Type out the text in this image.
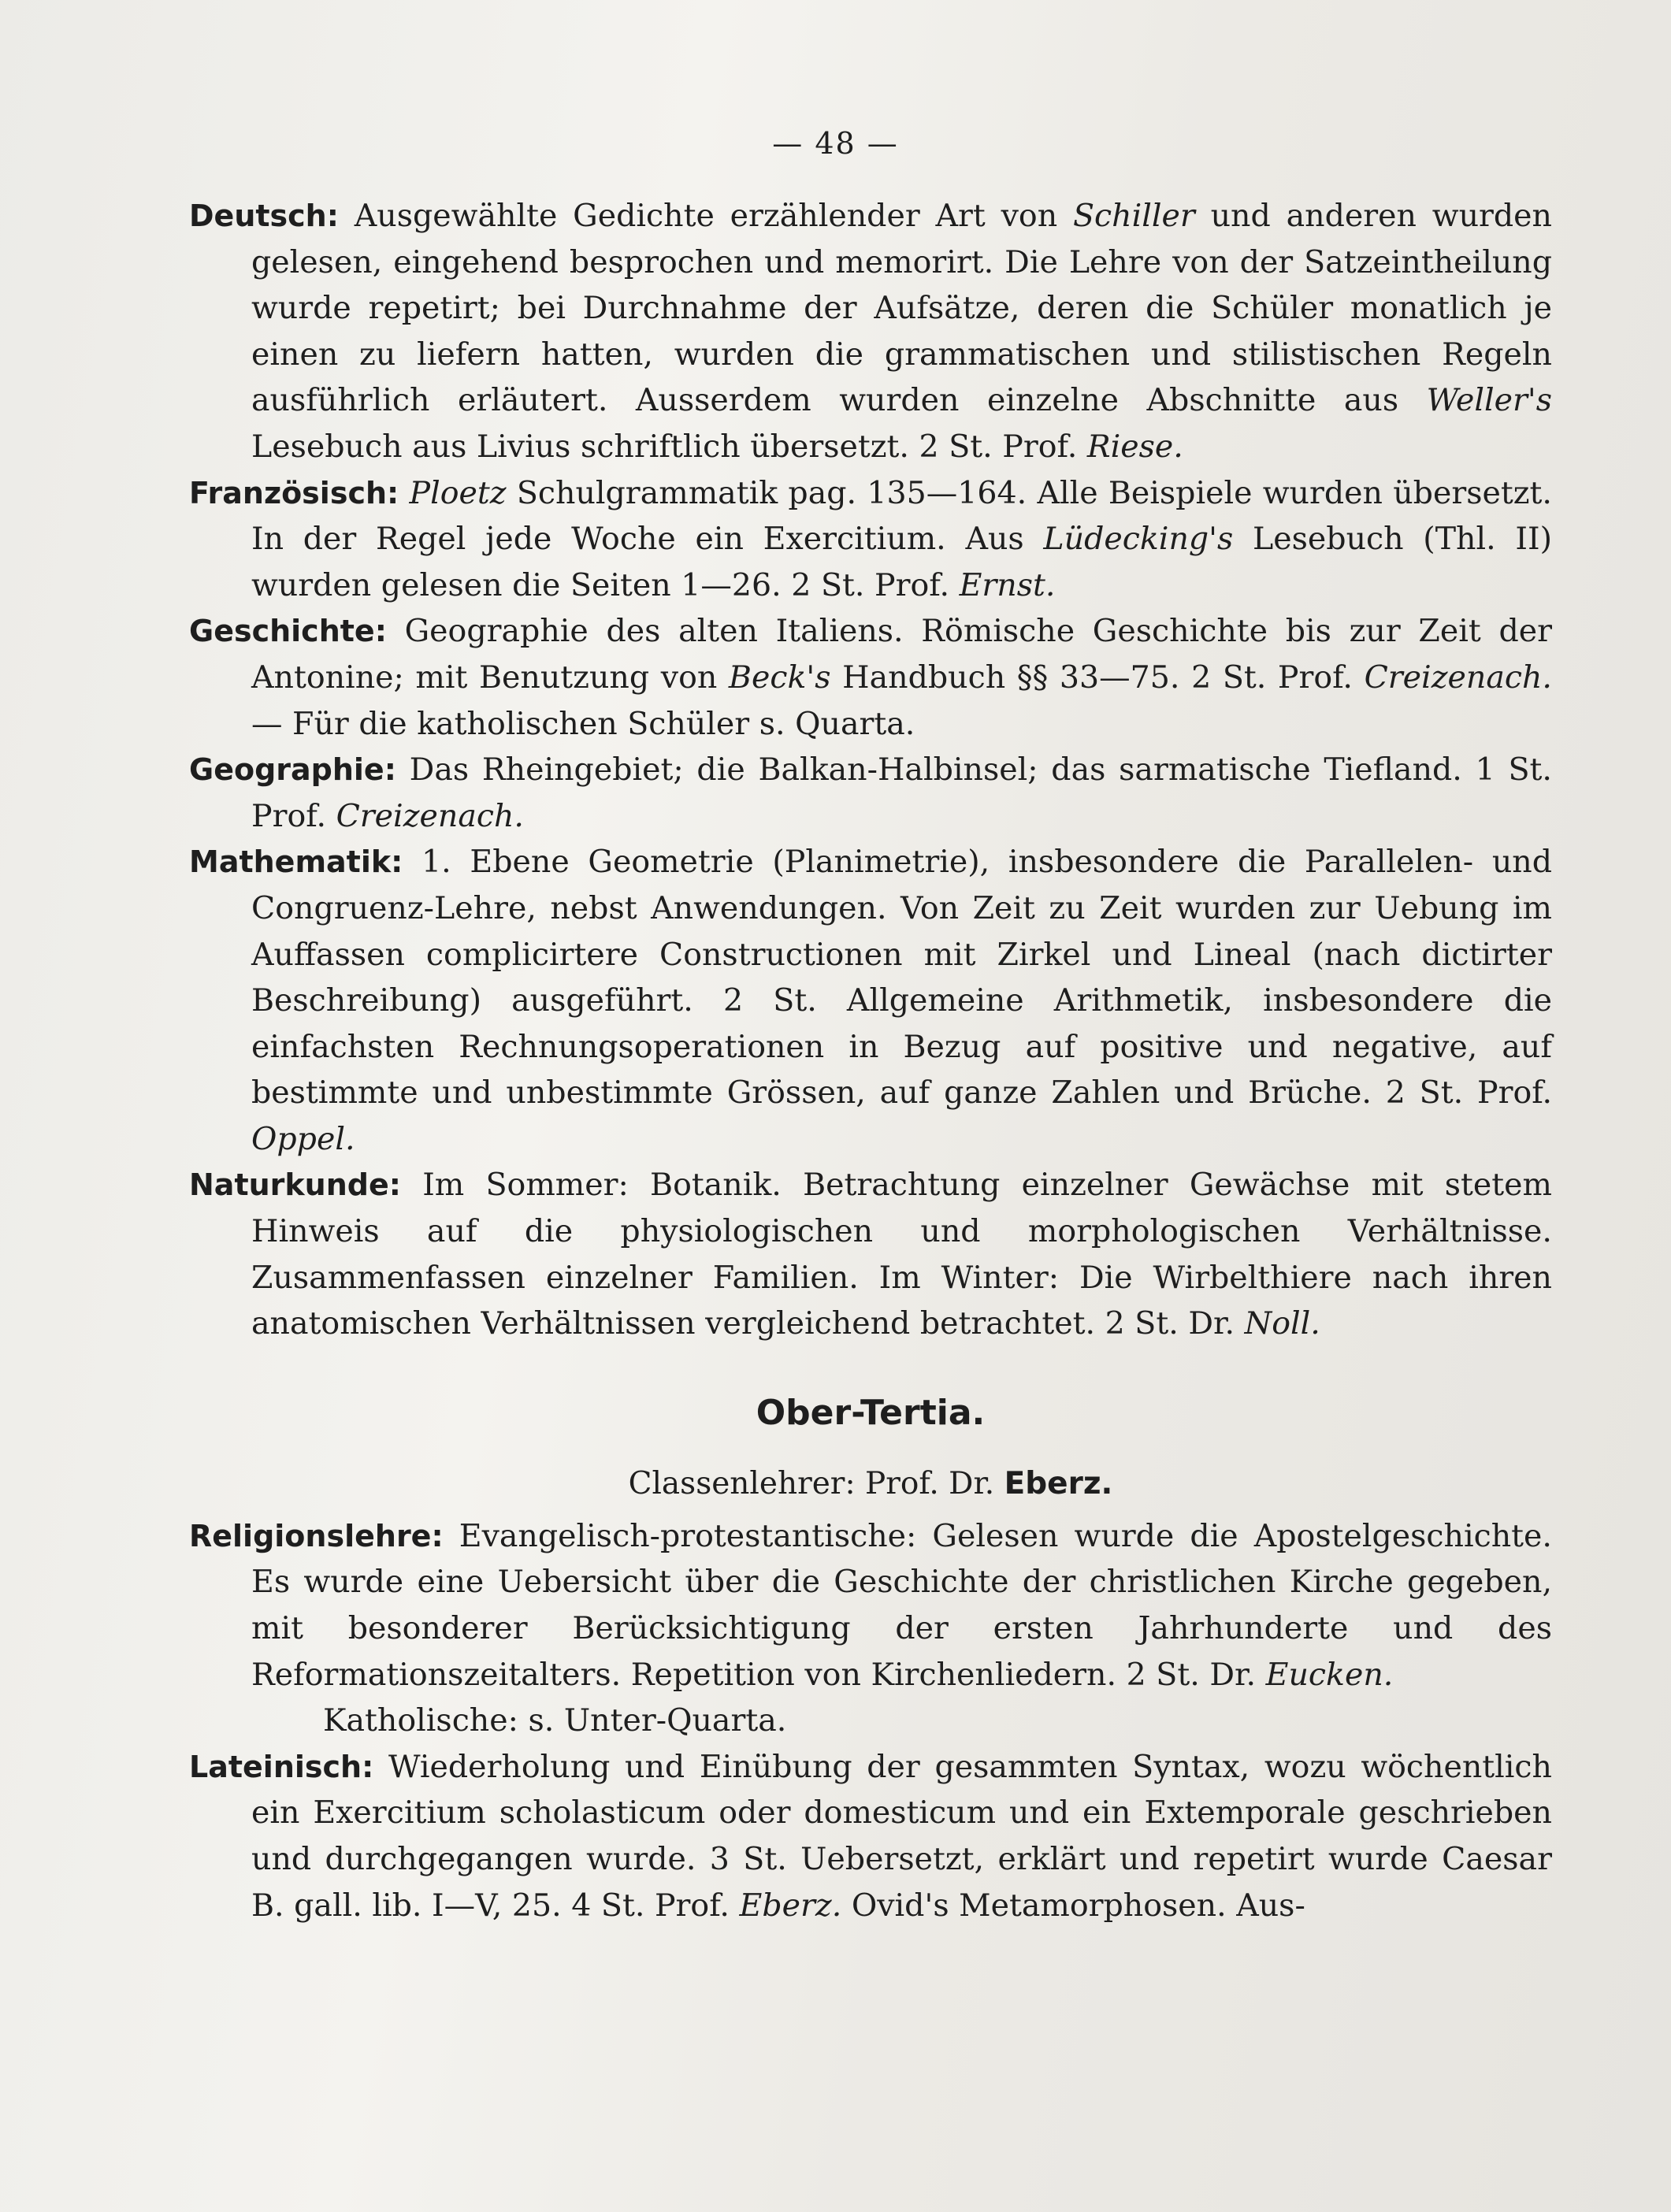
— 48 —

Deutsch: Ausgewählte Gedichte erzählender Art von Schiller und anderen wurden gelesen, eingehend besprochen und memorirt. Die Lehre von der Satzeintheilung wurde repetirt; bei Durchnahme der Aufsätze, deren die Schüler monatlich je einen zu liefern hatten, wurden die grammatischen und stilistischen Regeln ausführlich erläutert. Ausserdem wurden einzelne Abschnitte aus Weller's Lesebuch aus Livius schriftlich übersetzt. 2 St. Prof. Riese.

Französisch: Ploetz Schulgrammatik pag. 135—164. Alle Beispiele wurden übersetzt. In der Regel jede Woche ein Exercitium. Aus Lüdecking's Lesebuch (Thl. II) wurden gelesen die Seiten 1—26. 2 St. Prof. Ernst.

Geschichte: Geographie des alten Italiens. Römische Geschichte bis zur Zeit der Antonine; mit Benutzung von Beck's Handbuch §§ 33—75. 2 St. Prof. Creizenach. — Für die katholischen Schüler s. Quarta.

Geographie: Das Rheingebiet; die Balkan-Halbinsel; das sarmatische Tiefland. 1 St. Prof. Creizenach.

Mathematik: 1. Ebene Geometrie (Planimetrie), insbesondere die Parallelen- und Congruenz-Lehre, nebst Anwendungen. Von Zeit zu Zeit wurden zur Uebung im Auffassen complicirtere Constructionen mit Zirkel und Lineal (nach dictirter Beschreibung) ausgeführt. 2 St. Allgemeine Arithmetik, insbesondere die einfachsten Rechnungsoperationen in Bezug auf positive und negative, auf bestimmte und unbestimmte Grössen, auf ganze Zahlen und Brüche. 2 St. Prof. Oppel.

Naturkunde: Im Sommer: Botanik. Betrachtung einzelner Gewächse mit stetem Hinweis auf die physiologischen und morphologischen Verhältnisse. Zusammenfassen einzelner Familien. Im Winter: Die Wirbelthiere nach ihren anatomischen Verhältnissen vergleichend betrachtet. 2 St. Dr. Noll.

Ober-Tertia.
Classenlehrer: Prof. Dr. Eberz.

Religionslehre: Evangelisch-protestantische: Gelesen wurde die Apostelgeschichte. Es wurde eine Uebersicht über die Geschichte der christlichen Kirche gegeben, mit besonderer Berücksichtigung der ersten Jahrhunderte und des Reformationszeitalters. Repetition von Kirchenliedern. 2 St. Dr. Eucken.

Katholische: s. Unter-Quarta.

Lateinisch: Wiederholung und Einübung der gesammten Syntax, wozu wöchentlich ein Exercitium scholasticum oder domesticum und ein Extemporale geschrieben und durchgegangen wurde. 3 St. Uebersetzt, erklärt und repetirt wurde Caesar B. gall. lib. I—V, 25. 4 St. Prof. Eberz. Ovid's Metamorphosen. Aus-
